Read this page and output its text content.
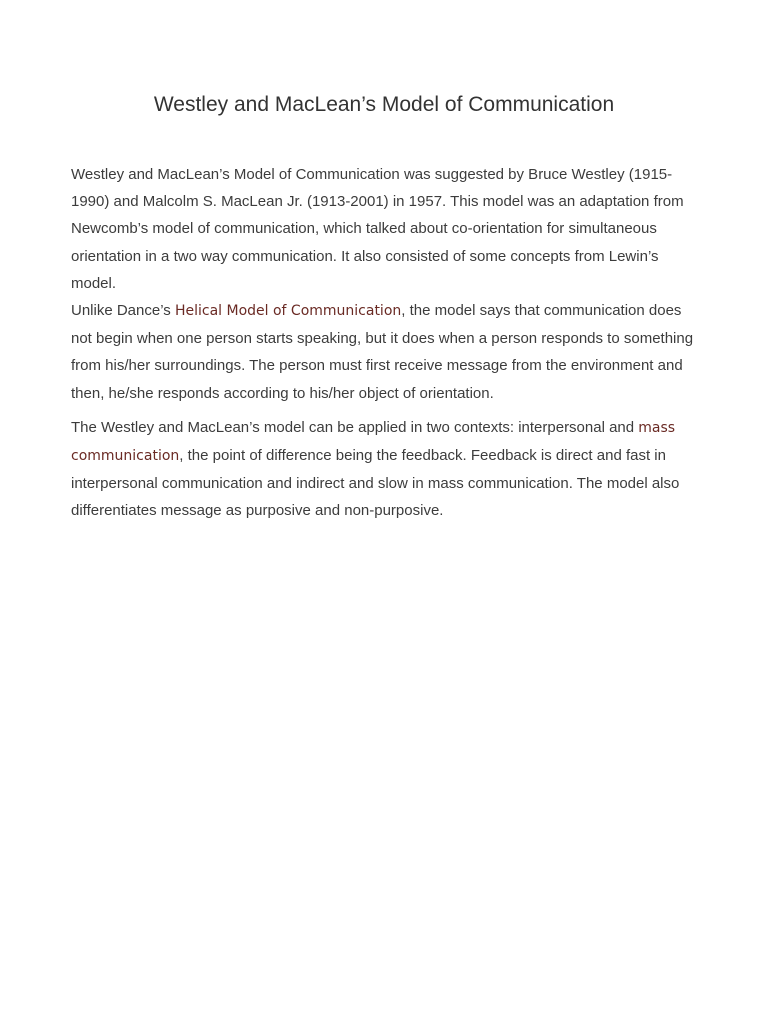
Westley and MacLean’s Model of Communication

Westley and MacLean’s Model of Communication was suggested by Bruce Westley (1915-1990) and Malcolm S. MacLean Jr. (1913-2001) in 1957. This model was an adaptation from Newcomb’s model of communication, which talked about co-orientation for simultaneous orientation in a two way communication. It also consisted of some concepts from Lewin’s model.

Unlike Dance’s Helical Model of Communication, the model says that communication does not begin when one person starts speaking, but it does when a person responds to something from his/her surroundings. The person must first receive message from the environment and then, he/she responds according to his/her object of orientation.

The Westley and MacLean’s model can be applied in two contexts: interpersonal and mass communication, the point of difference being the feedback. Feedback is direct and fast in interpersonal communication and indirect and slow in mass communication. The model also differentiates message as purposive and non-purposive.
